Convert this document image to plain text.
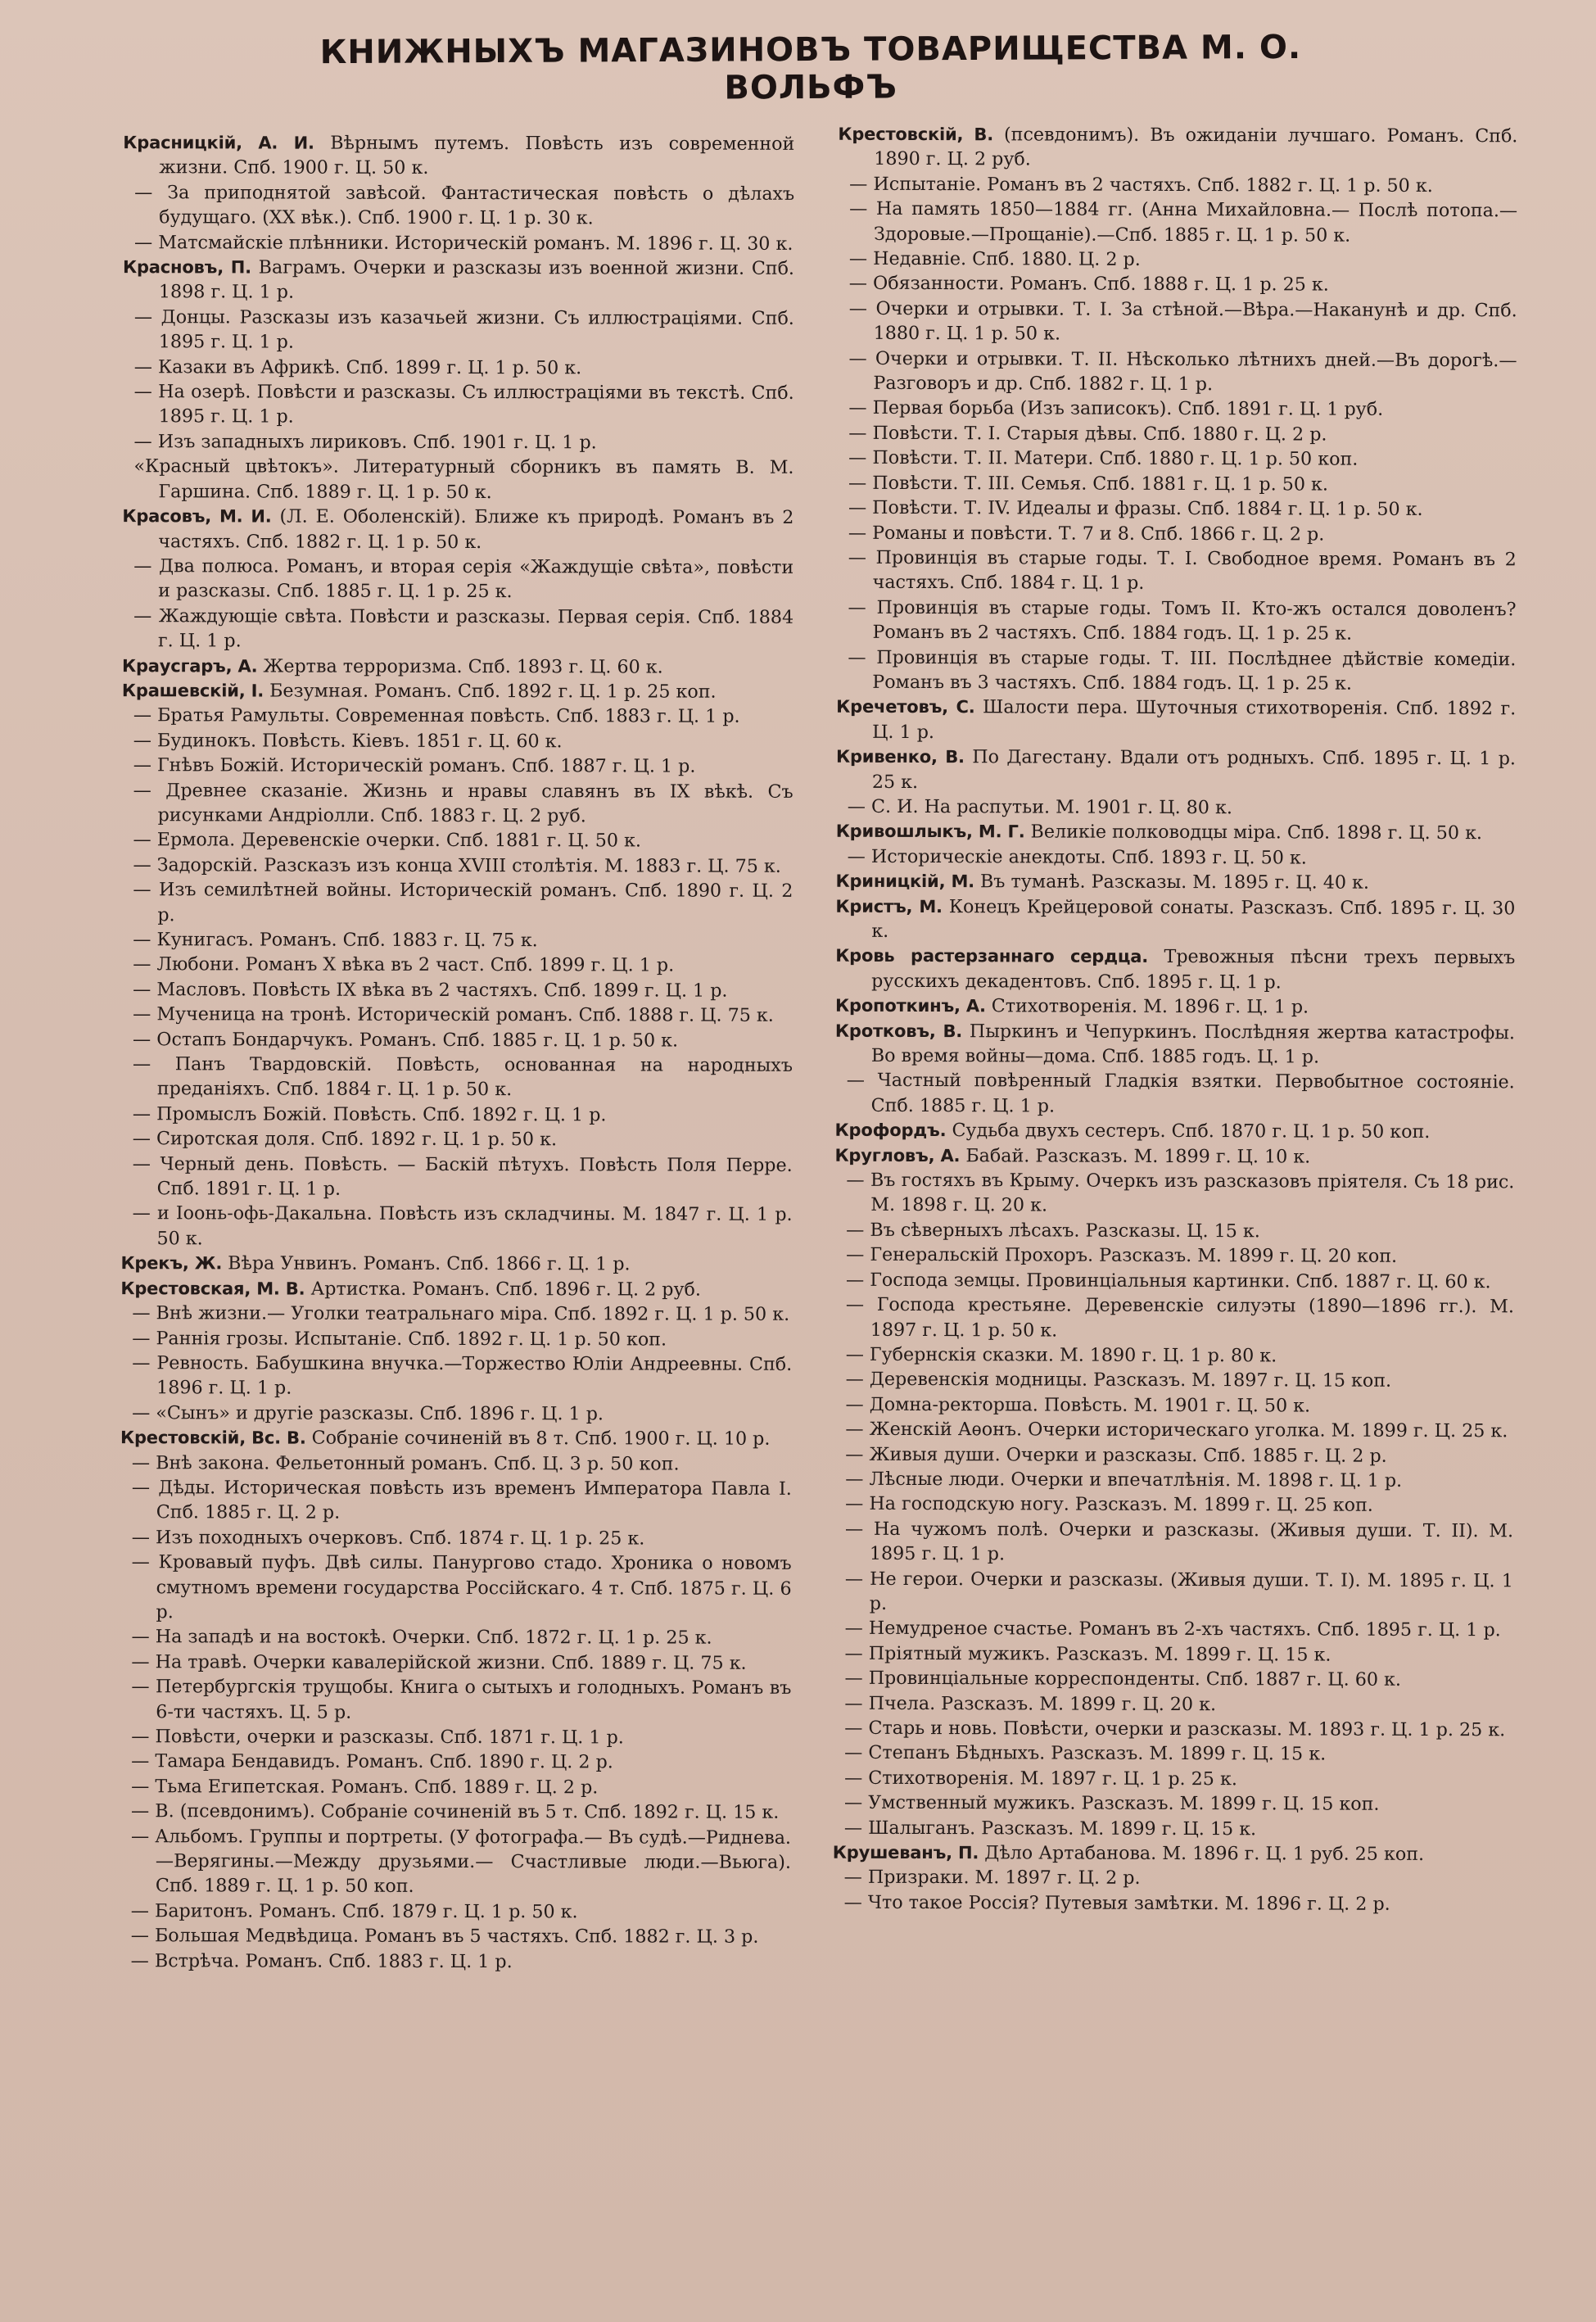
КНИЖНЫХЪ МАГАЗИНОВЪ ТОВАРИЩЕСТВА М. О. ВОЛЬФЪ

Красницкій, А. И. Вѣрнымъ путемъ. Повѣсть изъ современной жизни. Спб. 1900 г. Ц. 50 к.

— За приподнятой завѣсой. Фантастическая повѣсть о дѣлахъ будущаго. (XX вѣк.). Спб. 1900 г. Ц. 1 р. 30 к.

— Матсмайскіе плѣнники. Историческій романъ. М. 1896 г. Ц. 30 к.

Красновъ, П. Ваграмъ. Очерки и разсказы изъ военной жизни. Спб. 1898 г. Ц. 1 р.

— Донцы. Разсказы изъ казачьей жизни. Съ иллюстраціями. Спб. 1895 г. Ц. 1 р.

— Казаки въ Африкѣ. Спб. 1899 г. Ц. 1 р. 50 к.

— На озерѣ. Повѣсти и разсказы. Съ иллюстраціями въ текстѣ. Спб. 1895 г. Ц. 1 р.

— Изъ западныхъ лириковъ. Спб. 1901 г. Ц. 1 р.

«Красный цвѣтокъ». Литературный сборникъ въ память В. М. Гаршина. Спб. 1889 г. Ц. 1 р. 50 к.

Красовъ, М. И. (Л. Е. Оболенскій). Ближе къ природѣ. Романъ въ 2 частяхъ. Спб. 1882 г. Ц. 1 р. 50 к.

— Два полюса. Романъ, и вторая серія «Жаждущіе свѣта», повѣсти и разсказы. Спб. 1885 г. Ц. 1 р. 25 к.

— Жаждующіе свѣта. Повѣсти и разсказы. Первая серія. Спб. 1884 г. Ц. 1 р.

Краусгаръ, А. Жертва терроризма. Спб. 1893 г. Ц. 60 к.

Крашевскій, І. Безумная. Романъ. Спб. 1892 г. Ц. 1 р. 25 коп.

— Братья Рамульты. Современная повѣсть. Спб. 1883 г. Ц. 1 р.

— Будинокъ. Повѣсть. Кіевъ. 1851 г. Ц. 60 к.

— Гнѣвъ Божій. Историческій романъ. Спб. 1887 г. Ц. 1 р.

— Древнее сказаніе. Жизнь и нравы славянъ въ IX вѣкѣ. Съ рисунками Андріолли. Спб. 1883 г. Ц. 2 руб.

— Ермола. Деревенскіе очерки. Спб. 1881 г. Ц. 50 к.

— Задорскій. Разсказъ изъ конца XVIII столѣтія. М. 1883 г. Ц. 75 к.

— Изъ семилѣтней войны. Историческій романъ. Спб. 1890 г. Ц. 2 р.

— Кунигасъ. Романъ. Спб. 1883 г. Ц. 75 к.

— Любони. Романъ X вѣка въ 2 част. Спб. 1899 г. Ц. 1 р.

— Масловъ. Повѣсть IX вѣка въ 2 частяхъ. Спб. 1899 г. Ц. 1 р.

— Мученица на тронѣ. Историческій романъ. Спб. 1888 г. Ц. 75 к.

— Остапъ Бондарчукъ. Романъ. Спб. 1885 г. Ц. 1 р. 50 к.

— Панъ Твардовскій. Повѣсть, основанная на народныхъ преданіяхъ. Спб. 1884 г. Ц. 1 р. 50 к.

— Промыслъ Божій. Повѣсть. Спб. 1892 г. Ц. 1 р.

— Сиротская доля. Спб. 1892 г. Ц. 1 р. 50 к.

— Черный день. Повѣсть. — Баскій пѣтухъ. Повѣсть Поля Перре. Спб. 1891 г. Ц. 1 р.

— и Іоонь-офь-Дакальна. Повѣсть изъ складчины. М. 1847 г. Ц. 1 р. 50 к.

Крекъ, Ж. Вѣра Унвинъ. Романъ. Спб. 1866 г. Ц. 1 р.

Крестовская, М. В. Артистка. Романъ. Спб. 1896 г. Ц. 2 руб.

— Внѣ жизни.— Уголки театральнаго міра. Спб. 1892 г. Ц. 1 р. 50 к.

— Раннія грозы. Испытаніе. Спб. 1892 г. Ц. 1 р. 50 коп.

— Ревность. Бабушкина внучка.—Торжество Юліи Андреевны. Спб. 1896 г. Ц. 1 р.

— «Сынъ» и другіе разсказы. Спб. 1896 г. Ц. 1 р.

Крестовскій, Вс. В. Собраніе сочиненій въ 8 т. Спб. 1900 г. Ц. 10 р.

— Внѣ закона. Фельетонный романъ. Спб. Ц. 3 р. 50 коп.

— Дѣды. Историческая повѣсть изъ временъ Императора Павла I. Спб. 1885 г. Ц. 2 р.

— Изъ походныхъ очерковъ. Спб. 1874 г. Ц. 1 р. 25 к.

— Кровавый пуфъ. Двѣ силы. Панургово стадо. Хроника о новомъ смутномъ времени государства Россійскаго. 4 т. Спб. 1875 г. Ц. 6 р.

— На западѣ и на востокѣ. Очерки. Спб. 1872 г. Ц. 1 р. 25 к.

— На травѣ. Очерки кавалерійской жизни. Спб. 1889 г. Ц. 75 к.

— Петербургскія трущобы. Книга о сытыхъ и голодныхъ. Романъ въ 6-ти частяхъ. Ц. 5 р.

— Повѣсти, очерки и разсказы. Спб. 1871 г. Ц. 1 р.

— Тамара Бендавидъ. Романъ. Спб. 1890 г. Ц. 2 р.

— Тьма Египетская. Романъ. Спб. 1889 г. Ц. 2 р.

— В. (псевдонимъ). Собраніе сочиненій въ 5 т. Спб. 1892 г. Ц. 15 к.

— Альбомъ. Группы и портреты. (У фотографа.— Въ судѣ.—Риднева.—Верягины.—Между друзьями.— Счастливые люди.—Вьюга). Спб. 1889 г. Ц. 1 р. 50 коп.

— Баритонъ. Романъ. Спб. 1879 г. Ц. 1 р. 50 к.

— Большая Медвѣдица. Романъ въ 5 частяхъ. Спб. 1882 г. Ц. 3 р.

— Встрѣча. Романъ. Спб. 1883 г. Ц. 1 р.

Крестовскій, В. (псевдонимъ). Въ ожиданіи лучшаго. Романъ. Спб. 1890 г. Ц. 2 руб.

— Испытаніе. Романъ въ 2 частяхъ. Спб. 1882 г. Ц. 1 р. 50 к.

— На память 1850—1884 гг. (Анна Михайловна.— Послѣ потопа.—Здоровые.—Прощаніе).—Спб. 1885 г. Ц. 1 р. 50 к.

— Недавніе. Спб. 1880. Ц. 2 р.

— Обязанности. Романъ. Спб. 1888 г. Ц. 1 р. 25 к.

— Очерки и отрывки. Т. I. За стѣной.—Вѣра.—Наканунѣ и др. Спб. 1880 г. Ц. 1 р. 50 к.

— Очерки и отрывки. Т. II. Нѣсколько лѣтнихъ дней.—Въ дорогѣ.—Разговоръ и др. Спб. 1882 г. Ц. 1 р.

— Первая борьба (Изъ записокъ). Спб. 1891 г. Ц. 1 руб.

— Повѣсти. Т. I. Старыя дѣвы. Спб. 1880 г. Ц. 2 р.

— Повѣсти. Т. II. Матери. Спб. 1880 г. Ц. 1 р. 50 коп.

— Повѣсти. Т. III. Семья. Спб. 1881 г. Ц. 1 р. 50 к.

— Повѣсти. Т. IV. Идеалы и фразы. Спб. 1884 г. Ц. 1 р. 50 к.

— Романы и повѣсти. Т. 7 и 8. Спб. 1866 г. Ц. 2 р.

— Провинція въ старые годы. Т. I. Свободное время. Романъ въ 2 частяхъ. Спб. 1884 г. Ц. 1 р.

— Провинція въ старые годы. Томъ II. Кто-жъ остался доволенъ? Романъ въ 2 частяхъ. Спб. 1884 годъ. Ц. 1 р. 25 к.

— Провинція въ старые годы. Т. III. Послѣднее дѣйствіе комедіи. Романъ въ 3 частяхъ. Спб. 1884 годъ. Ц. 1 р. 25 к.

Кречетовъ, С. Шалости пера. Шуточныя стихотворенія. Спб. 1892 г. Ц. 1 р.

Кривенко, В. По Дагестану. Вдали отъ родныхъ. Спб. 1895 г. Ц. 1 р. 25 к.

— С. И. На распутьи. М. 1901 г. Ц. 80 к.

Кривошлыкъ, М. Г. Великіе полководцы міра. Спб. 1898 г. Ц. 50 к.

— Историческіе анекдоты. Спб. 1893 г. Ц. 50 к.

Криницкій, М. Въ туманѣ. Разсказы. М. 1895 г. Ц. 40 к.

Кристъ, М. Конецъ Крейцеровой сонаты. Разсказъ. Спб. 1895 г. Ц. 30 к.

Кровь растерзаннаго сердца. Тревожныя пѣсни трехъ первыхъ русскихъ декадентовъ. Спб. 1895 г. Ц. 1 р.

Кропоткинъ, А. Стихотворенія. М. 1896 г. Ц. 1 р.

Кротковъ, В. Пыркинъ и Чепуркинъ. Послѣдняя жертва катастрофы. Во время войны—дома. Спб. 1885 годъ. Ц. 1 р.

— Частный повѣренный Гладкія взятки. Первобытное состояніе. Спб. 1885 г. Ц. 1 р.

Крофордъ. Судьба двухъ сестеръ. Спб. 1870 г. Ц. 1 р. 50 коп.

Кругловъ, А. Бабай. Разсказъ. М. 1899 г. Ц. 10 к.

— Въ гостяхъ въ Крыму. Очеркъ изъ разсказовъ пріятеля. Съ 18 рис. М. 1898 г. Ц. 20 к.

— Въ сѣверныхъ лѣсахъ. Разсказы. Ц. 15 к.

— Генеральскій Прохоръ. Разсказъ. М. 1899 г. Ц. 20 коп.

— Господа земцы. Провинціальныя картинки. Спб. 1887 г. Ц. 60 к.

— Господа крестьяне. Деревенскіе силуэты (1890—1896 гг.). М. 1897 г. Ц. 1 р. 50 к.

— Губернскія сказки. М. 1890 г. Ц. 1 р. 80 к.

— Деревенскія модницы. Разсказъ. М. 1897 г. Ц. 15 коп.

— Домна-ректорша. Повѣсть. М. 1901 г. Ц. 50 к.

— Женскій Аѳонъ. Очерки историческаго уголка. М. 1899 г. Ц. 25 к.

— Живыя души. Очерки и разсказы. Спб. 1885 г. Ц. 2 р.

— Лѣсные люди. Очерки и впечатлѣнія. М. 1898 г. Ц. 1 р.

— На господскую ногу. Разсказъ. М. 1899 г. Ц. 25 коп.

— На чужомъ полѣ. Очерки и разсказы. (Живыя души. Т. II). М. 1895 г. Ц. 1 р.

— Не герои. Очерки и разсказы. (Живыя души. Т. I). М. 1895 г. Ц. 1 р.

— Немудреное счастье. Романъ въ 2-хъ частяхъ. Спб. 1895 г. Ц. 1 р.

— Пріятный мужикъ. Разсказъ. М. 1899 г. Ц. 15 к.

— Провинціальные корреспонденты. Спб. 1887 г. Ц. 60 к.

— Пчела. Разсказъ. М. 1899 г. Ц. 20 к.

— Старь и новь. Повѣсти, очерки и разсказы. М. 1893 г. Ц. 1 р. 25 к.

— Степанъ Бѣдныхъ. Разсказъ. М. 1899 г. Ц. 15 к.

— Стихотворенія. М. 1897 г. Ц. 1 р. 25 к.

— Умственный мужикъ. Разсказъ. М. 1899 г. Ц. 15 коп.

— Шалыганъ. Разсказъ. М. 1899 г. Ц. 15 к.

Крушеванъ, П. Дѣло Артабанова. М. 1896 г. Ц. 1 руб. 25 коп.

— Призраки. М. 1897 г. Ц. 2 р.

— Что такое Россія? Путевыя замѣтки. М. 1896 г. Ц. 2 р.
